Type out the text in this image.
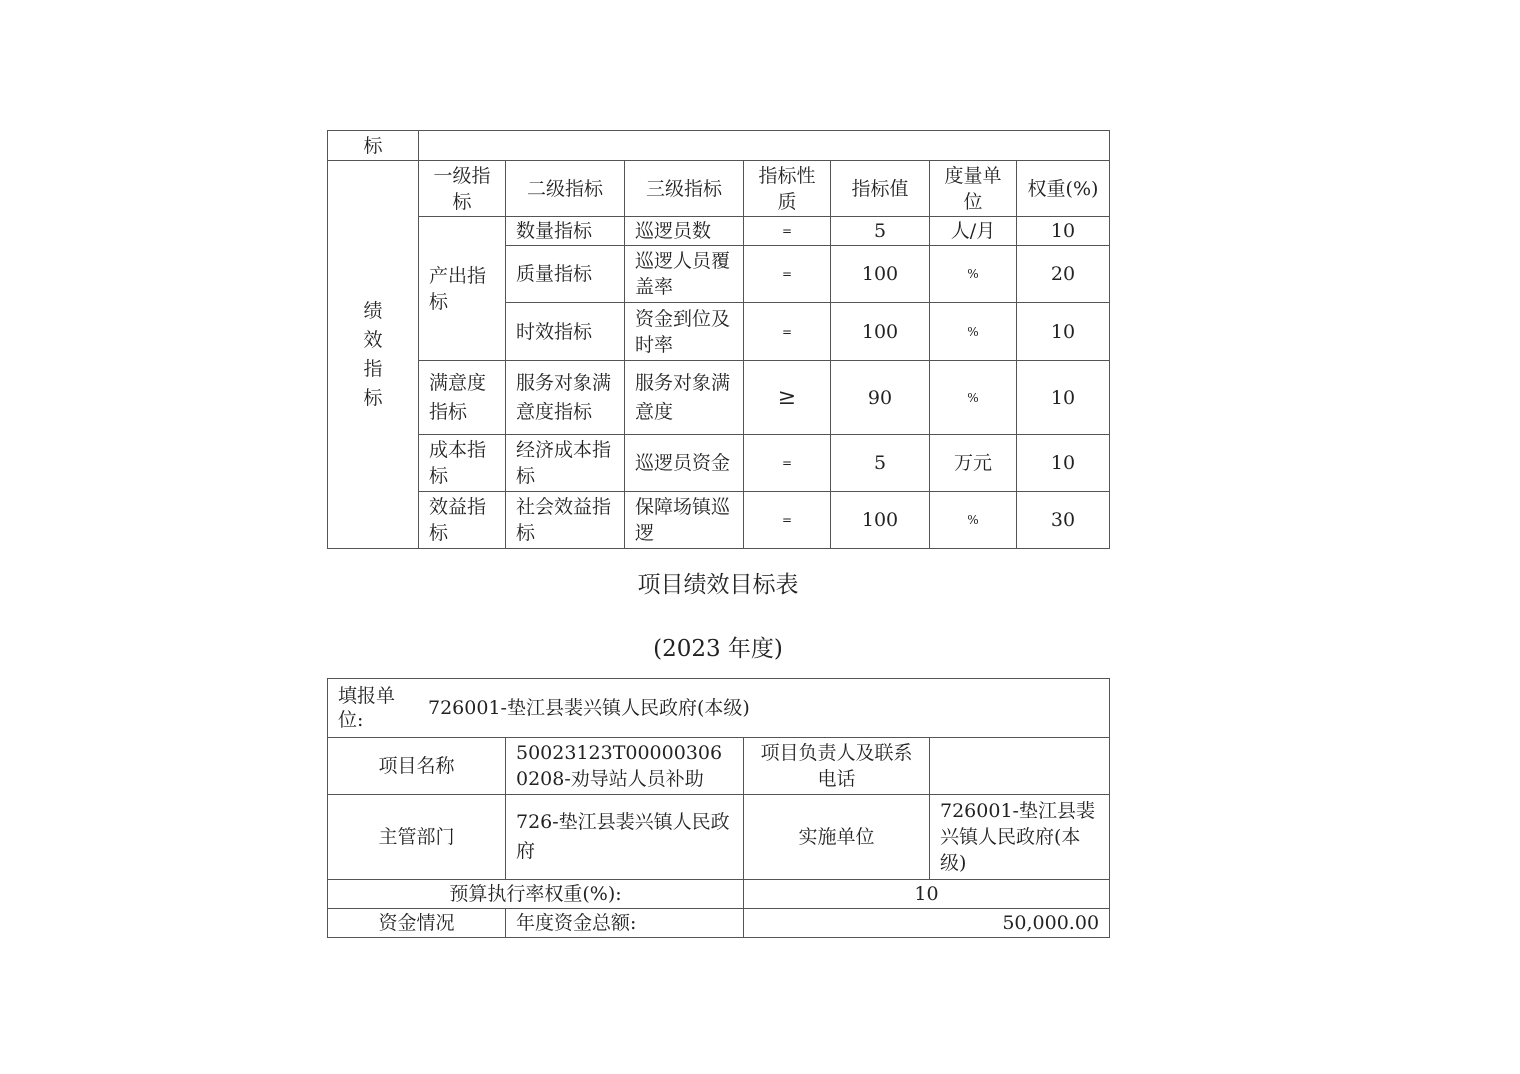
标							
绩效指标	一级指标	二级指标	三级指标	指标性质	指标值	度量单位	权重(%)
	产出指标	数量指标	巡逻员数	=	5	人/月	10
		质量指标	巡逻人员覆盖率	=	100	%	20
		时效指标	资金到位及时率	=	100	%	10
	满意度指标	服务对象满意度指标	服务对象满意度	≥	90	%	10
	成本指标	经济成本指标	巡逻员资金	=	5	万元	10
	效益指标	社会效益指标	保障场镇巡逻	=	100	%	30
项目绩效目标表
(2023 年度)
填报单位:
726001-垫江县裴兴镇人民政府(本级)			

项目名称	50023123T000003060208-劝导站人员补助	项目负责人及联系电话	
主管部门	726-垫江县裴兴镇人民政府	实施单位	726001-垫江县裴兴镇人民政府(本级)
预算执行率权重(%):		10	
资金情况	年度资金总额:	50,000.00	
